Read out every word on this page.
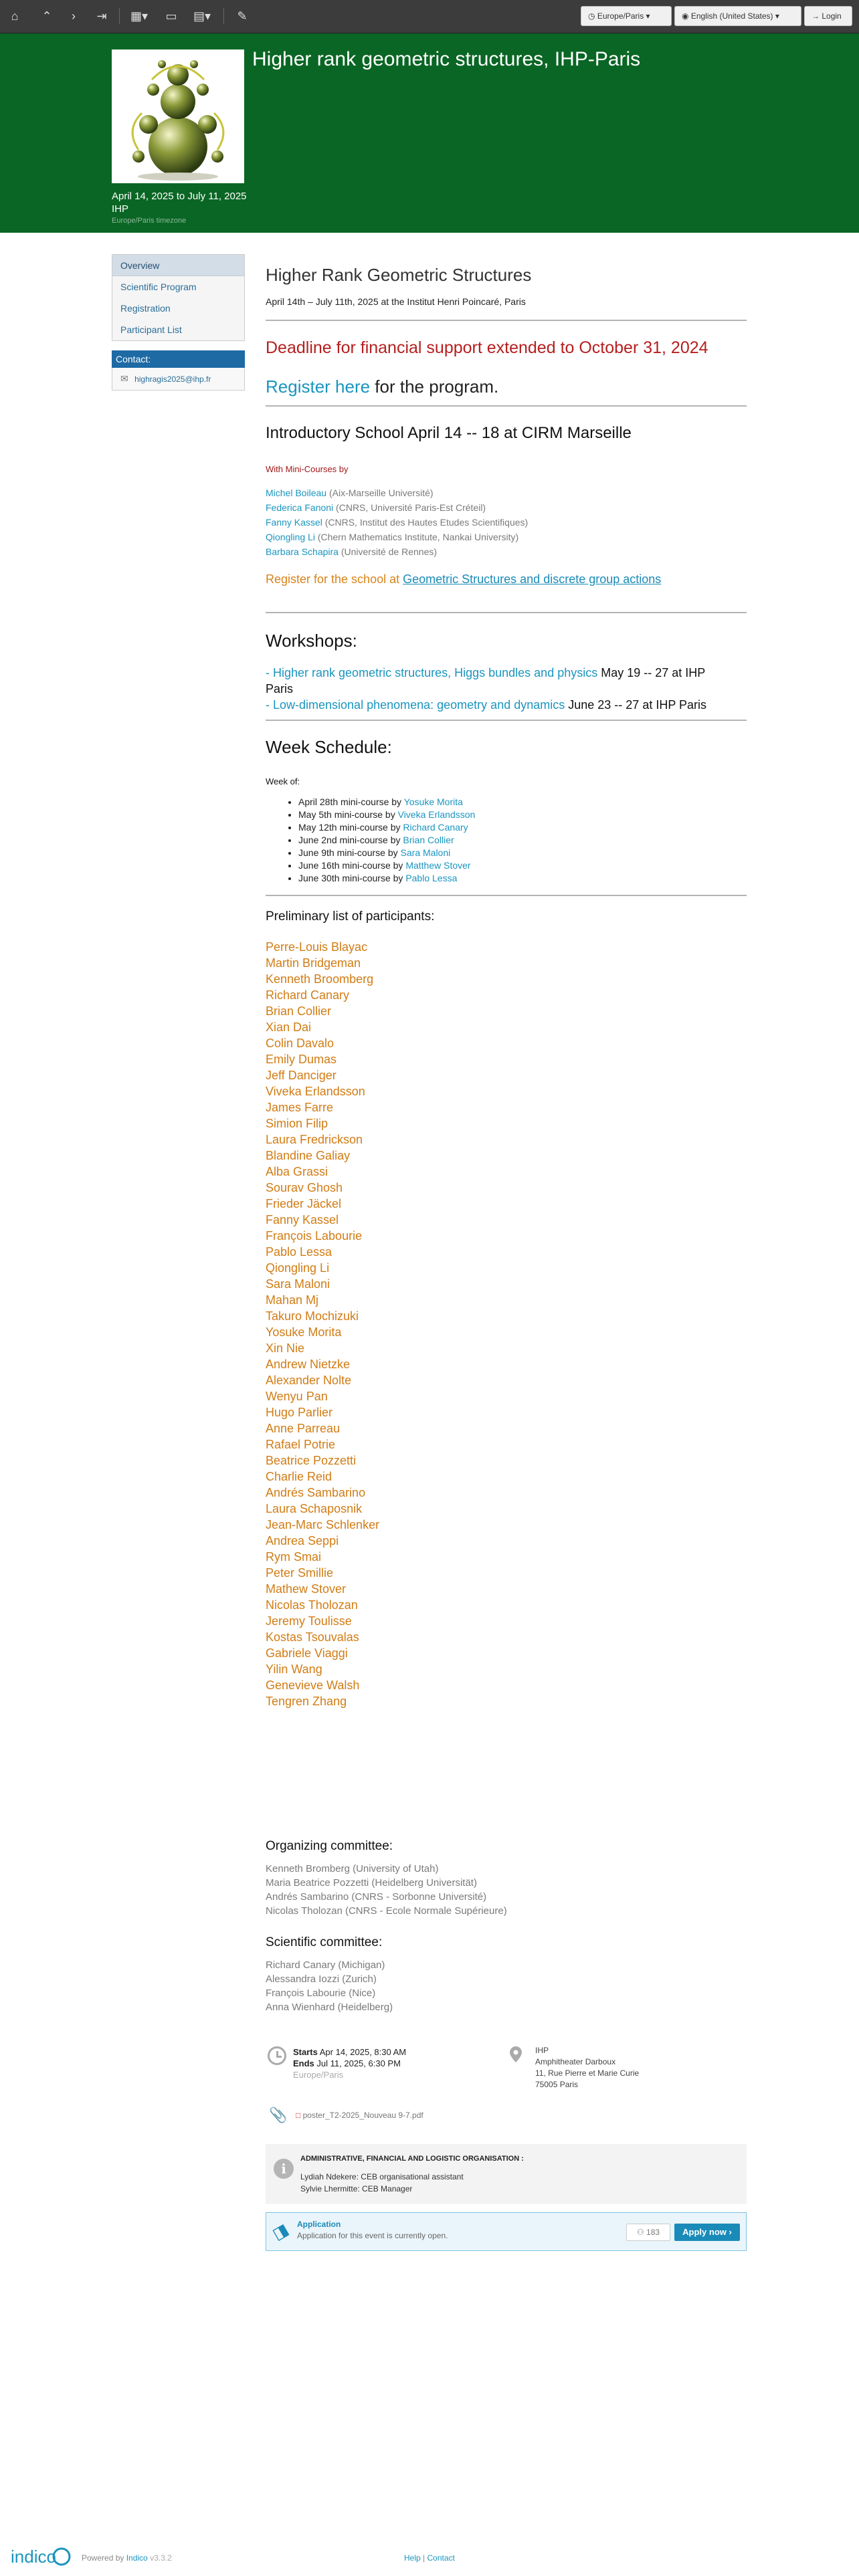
⌂	⌃	›	⇥	▦▾	▭	▤▾	✎	◷ Europe/Paris ▾	◉ English (United States) ▾	→ Login
Higher rank geometric structures, IHP-Paris
April 14, 2025 to July 11, 2025
IHP
Europe/Paris timezone
Overview
Scientific Program
Registration
Participant List
Contact:
✉ highragis2025@ihp.fr
Higher Rank Geometric Structures
April 14th – July 11th, 2025 at the Institut Henri Poincaré, Paris
Deadline for financial support extended to October 31, 2024
Register here for the program.
Introductory School April 14 -- 18 at CIRM Marseille
With Mini-Courses by
Michel Boileau (Aix-Marseille Université)
Federica Fanoni (CNRS, Université Paris-Est Créteil)
Fanny Kassel (CNRS, Institut des Hautes Etudes Scientifiques)
Qiongling Li (Chern Mathematics Institute, Nankai University)
Barbara Schapira (Université de Rennes)
Register for the school at Geometric Structures and discrete group actions
Workshops:
- Higher rank geometric structures, Higgs bundles and physics May 19 -- 27 at IHP
Paris
- Low-dimensional phenomena: geometry and dynamics June 23 -- 27 at IHP Paris
Week Schedule:
Week of:
• April 28th mini-course by Yosuke Morita
• May 5th mini-course by Viveka Erlandsson
• May 12th mini-course by Richard Canary
• June 2nd mini-course by Brian Collier
• June 9th mini-course by Sara Maloni
• June 16th mini-course by Matthew Stover
• June 30th mini-course by Pablo Lessa
Preliminary list of participants:
Perre-Louis Blayac
Martin Bridgeman
Kenneth Broomberg
Richard Canary
Brian Collier
Xian Dai
Colin Davalo
Emily Dumas
Jeff Danciger
Viveka Erlandsson
James Farre
Simion Filip
Laura Fredrickson
Blandine Galiay
Alba Grassi
Sourav Ghosh
Frieder Jäckel
Fanny Kassel
François Labourie
Pablo Lessa
Qiongling Li
Sara Maloni
Mahan Mj
Takuro Mochizuki
Yosuke Morita
Xin Nie
Andrew Nietzke
Alexander Nolte
Wenyu Pan
Hugo Parlier
Anne Parreau
Rafael Potrie
Beatrice Pozzetti
Charlie Reid
Andrés Sambarino
Laura Schaposnik
Jean-Marc Schlenker
Andrea Seppi
Rym Smai
Peter Smillie
Mathew Stover
Nicolas Tholozan
Jeremy Toulisse
Kostas Tsouvalas
Gabriele Viaggi
Yilin Wang
Genevieve Walsh
Tengren Zhang
Organizing committee:
Kenneth Bromberg (University of Utah)
Maria Beatrice Pozzetti (Heidelberg Universität)
Andrés Sambarino (CNRS - Sorbonne Université)
Nicolas Tholozan (CNRS - Ecole Normale Supérieure)
Scientific committee:
Richard Canary (Michigan)
Alessandra Iozzi (Zurich)
François Labourie (Nice)
Anna Wienhard (Heidelberg)
Starts Apr 14, 2025, 8:30 AM
Ends Jul 11, 2025, 6:30 PM
Europe/Paris
IHP
Amphitheater Darboux
11, Rue Pierre et Marie Curie
75005 Paris
📎 □ poster_T2-2025_Nouveau 9-7.pdf
i
ADMINISTRATIVE, FINANCIAL AND LOGISTIC ORGANISATION :
Lydiah Ndekere: CEB organisational assistant
Sylvie Lhermitte: CEB Manager
◨ Application
Application for this event is currently open.	⚇ 183	Apply now ›
indico	Powered by Indico v3.3.2	Help | Contact
